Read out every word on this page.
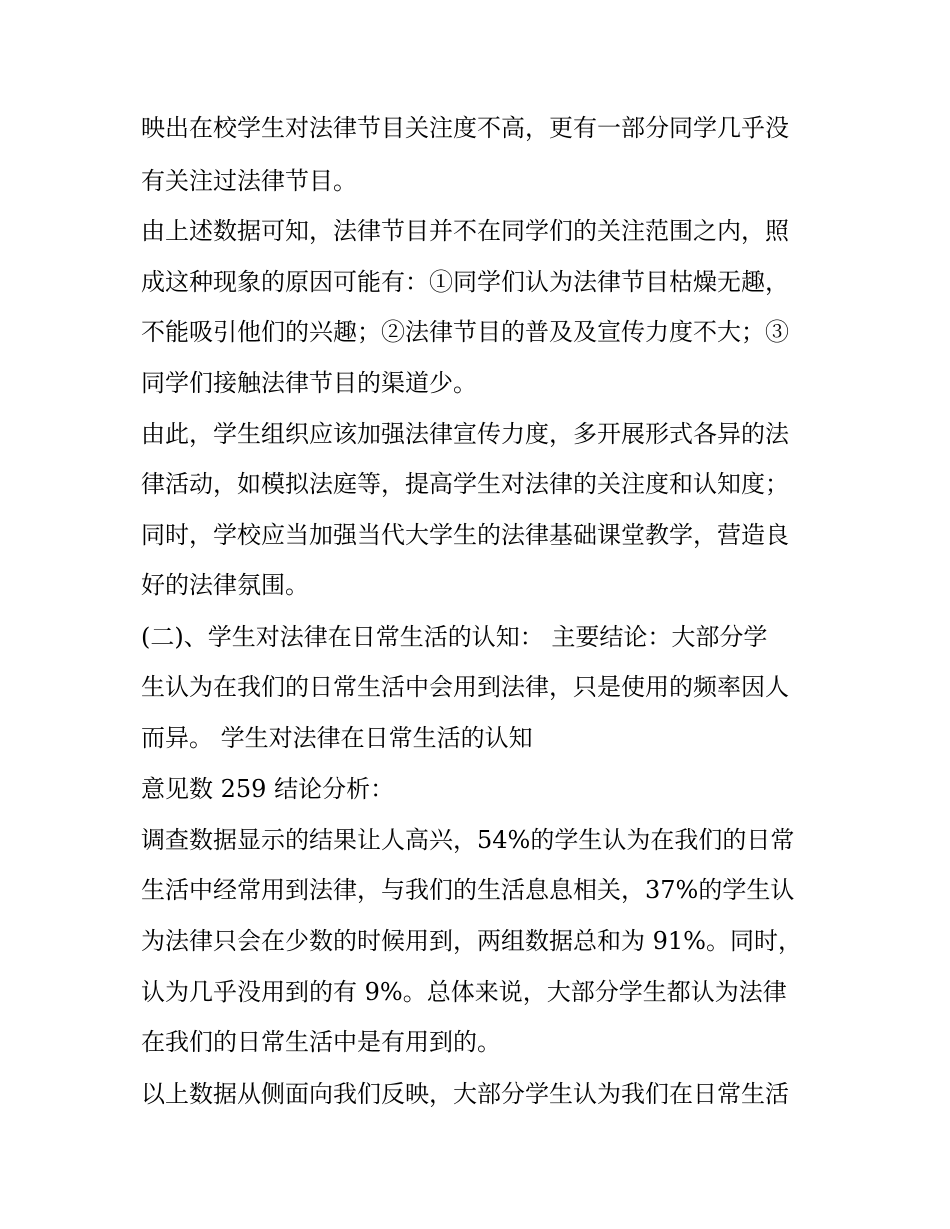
映出在校学生对法律节目关注度不高，更有一部分同学几乎没
有关注过法律节目。
由上述数据可知，法律节目并不在同学们的关注范围之内，照
成这种现象的原因可能有：①同学们认为法律节目枯燥无趣，
不能吸引他们的兴趣；②法律节目的普及及宣传力度不大；③
同学们接触法律节目的渠道少。
由此，学生组织应该加强法律宣传力度，多开展形式各异的法
律活动，如模拟法庭等，提高学生对法律的关注度和认知度；
同时，学校应当加强当代大学生的法律基础课堂教学，营造良
好的法律氛围。
(二)、学生对法律在日常生活的认知： 主要结论：大部分学
生认为在我们的日常生活中会用到法律，只是使用的频率因人
而异。 学生对法律在日常生活的认知
意见数 259 结论分析：
调查数据显示的结果让人高兴，54%的学生认为在我们的日常
生活中经常用到法律，与我们的生活息息相关，37%的学生认
为法律只会在少数的时候用到，两组数据总和为 91%。同时，
认为几乎没用到的有 9%。总体来说，大部分学生都认为法律
在我们的日常生活中是有用到的。
以上数据从侧面向我们反映，大部分学生认为我们在日常生活
